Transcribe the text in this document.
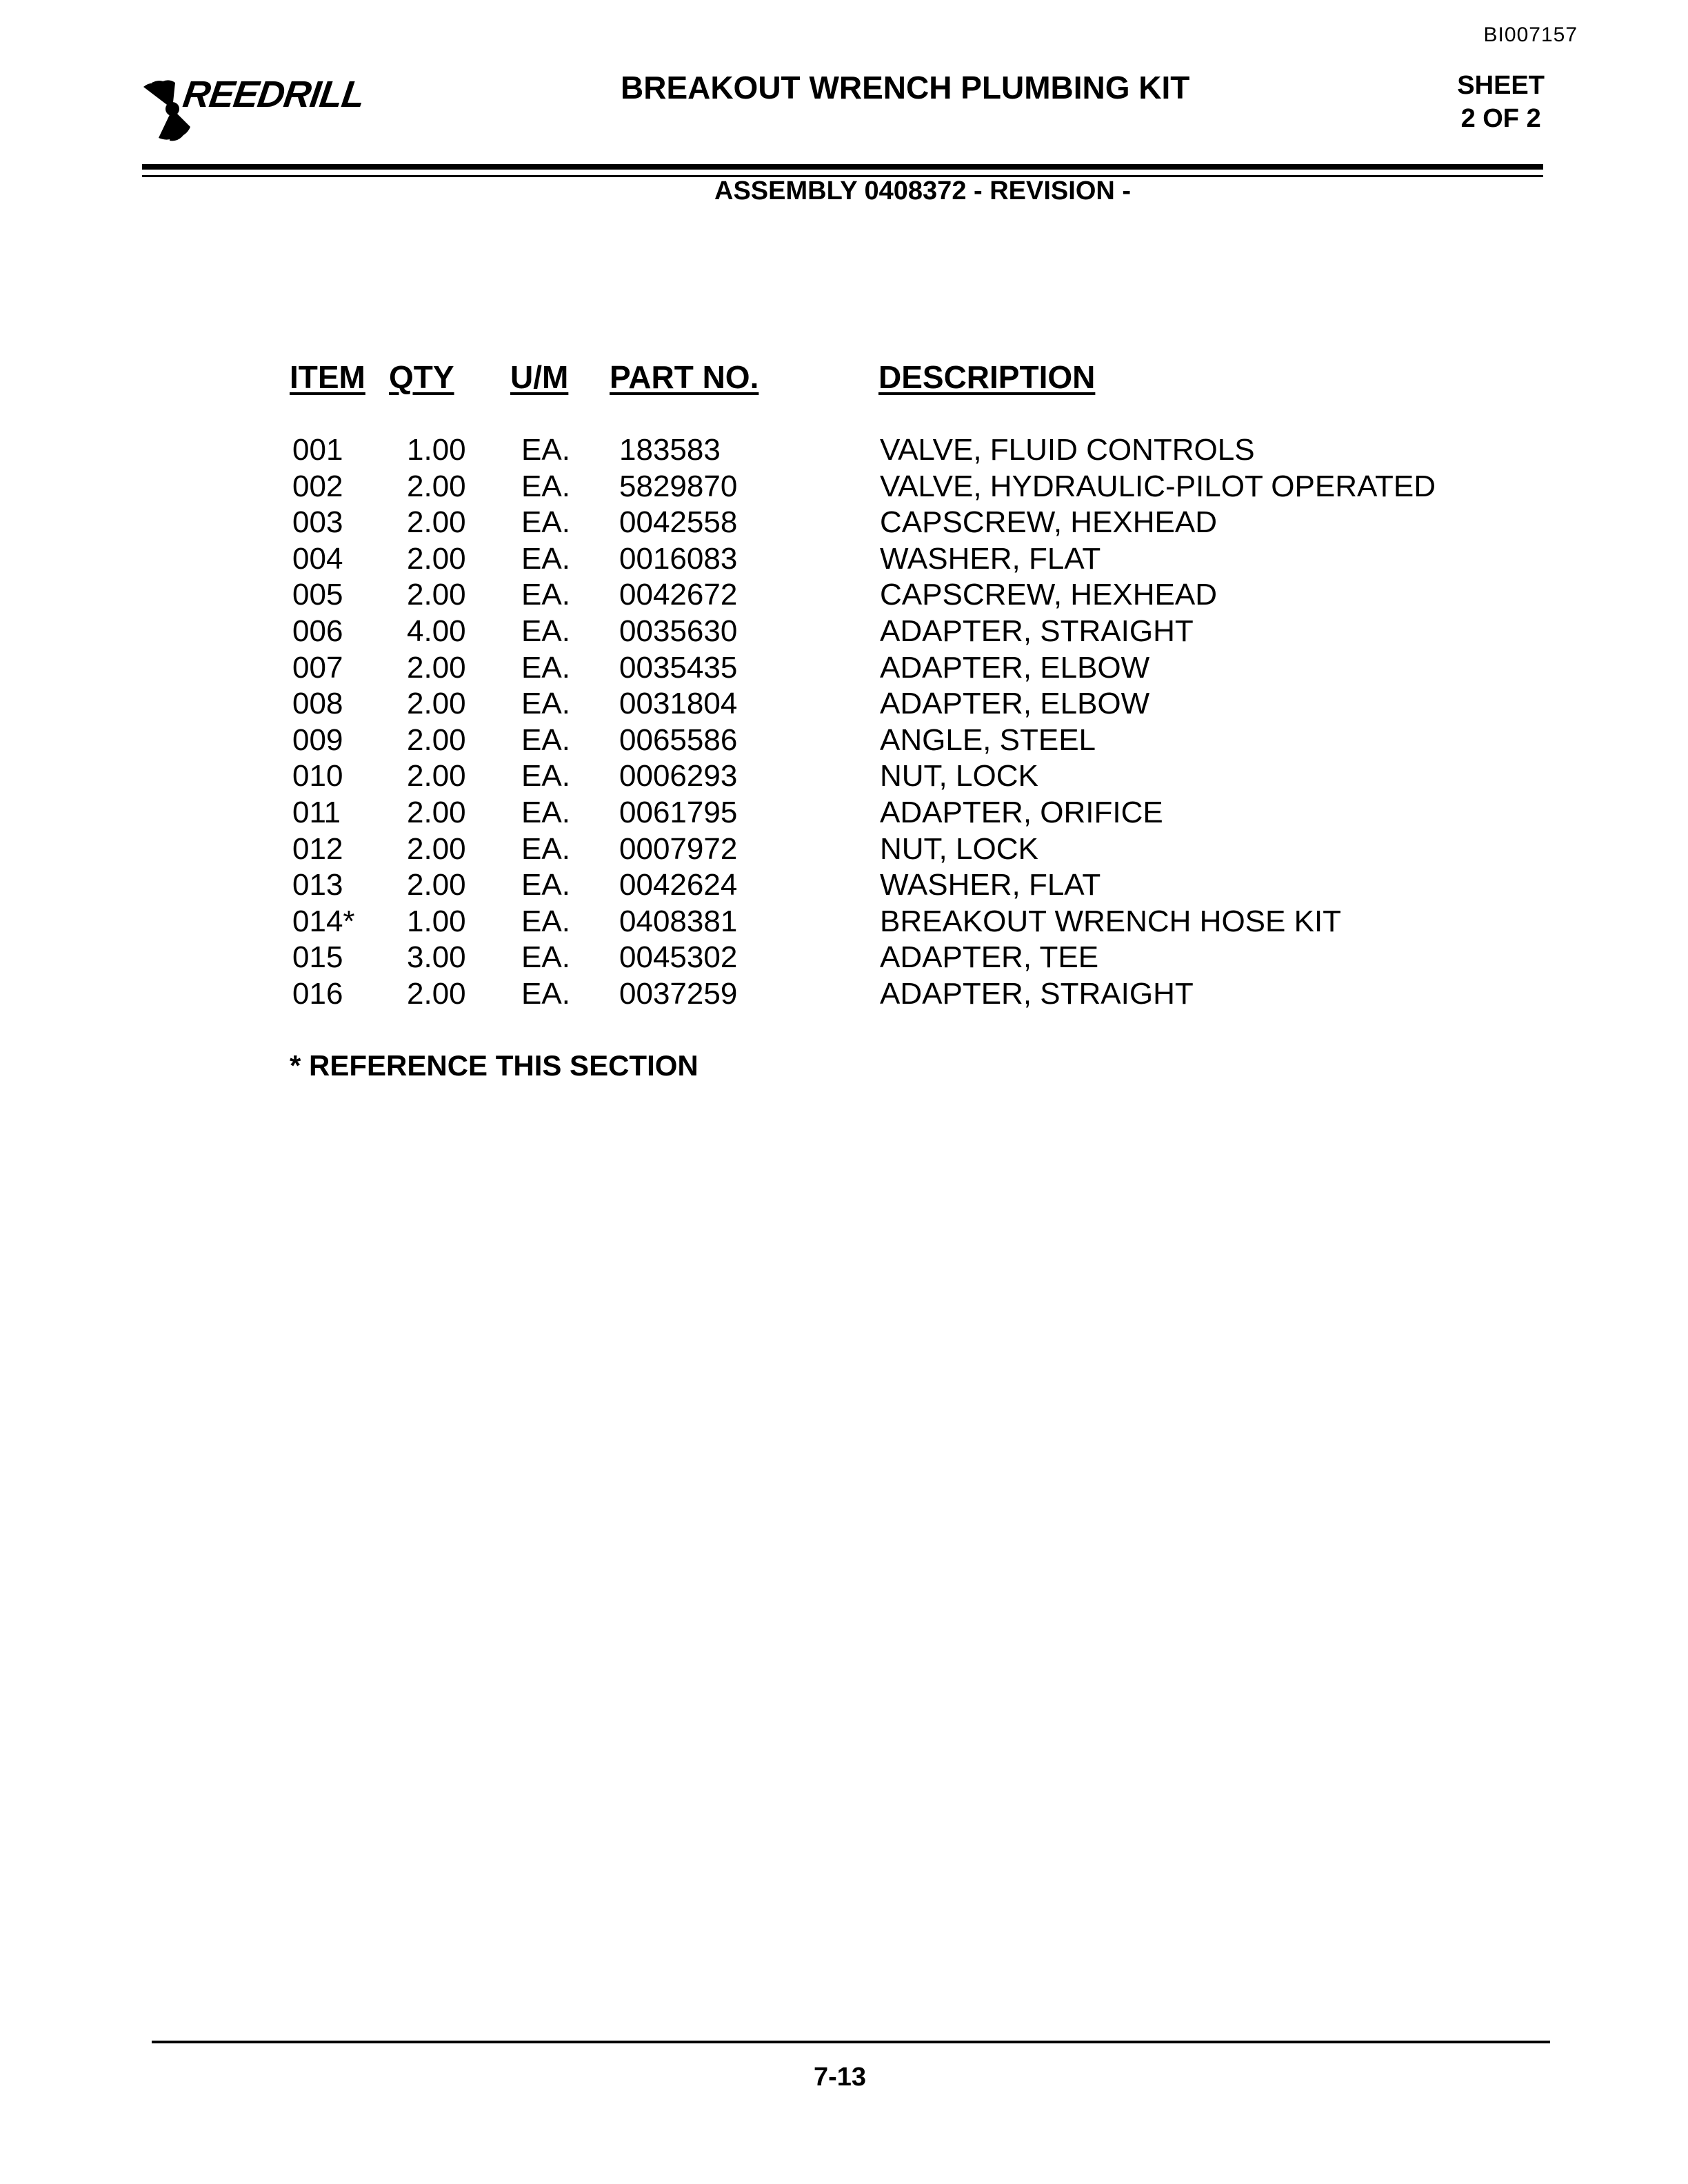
BI007157
REEDRILL	BREAKOUT WRENCH PLUMBING KIT	SHEET
2 OF 2
ASSEMBLY 0408372 - REVISION -
ITEM QTY U/M PART NO.	DESCRIPTION
001 1.00 EA. 183583	VALVE, FLUID CONTROLS
002 2.00 EA. 5829870	VALVE, HYDRAULIC-PILOT OPERATED
003 2.00 EA. 0042558	CAPSCREW, HEXHEAD
004 2.00 EA. 0016083	WASHER, FLAT
005 2.00 EA. 0042672	CAPSCREW, HEXHEAD
006 4.00 EA. 0035630	ADAPTER, STRAIGHT
007 2.00 EA. 0035435	ADAPTER, ELBOW
008 2.00 EA. 0031804	ADAPTER, ELBOW
009 2.00 EA. 0065586	ANGLE, STEEL
010 2.00 EA. 0006293	NUT, LOCK
011 2.00 EA. 0061795	ADAPTER, ORIFICE
012 2.00 EA. 0007972	NUT, LOCK
013 2.00 EA. 0042624	WASHER, FLAT
014* 1.00 EA. 0408381	BREAKOUT WRENCH HOSE KIT
015 3.00 EA. 0045302	ADAPTER, TEE
016 2.00 EA. 0037259	ADAPTER, STRAIGHT
* REFERENCE THIS SECTION
7-13
